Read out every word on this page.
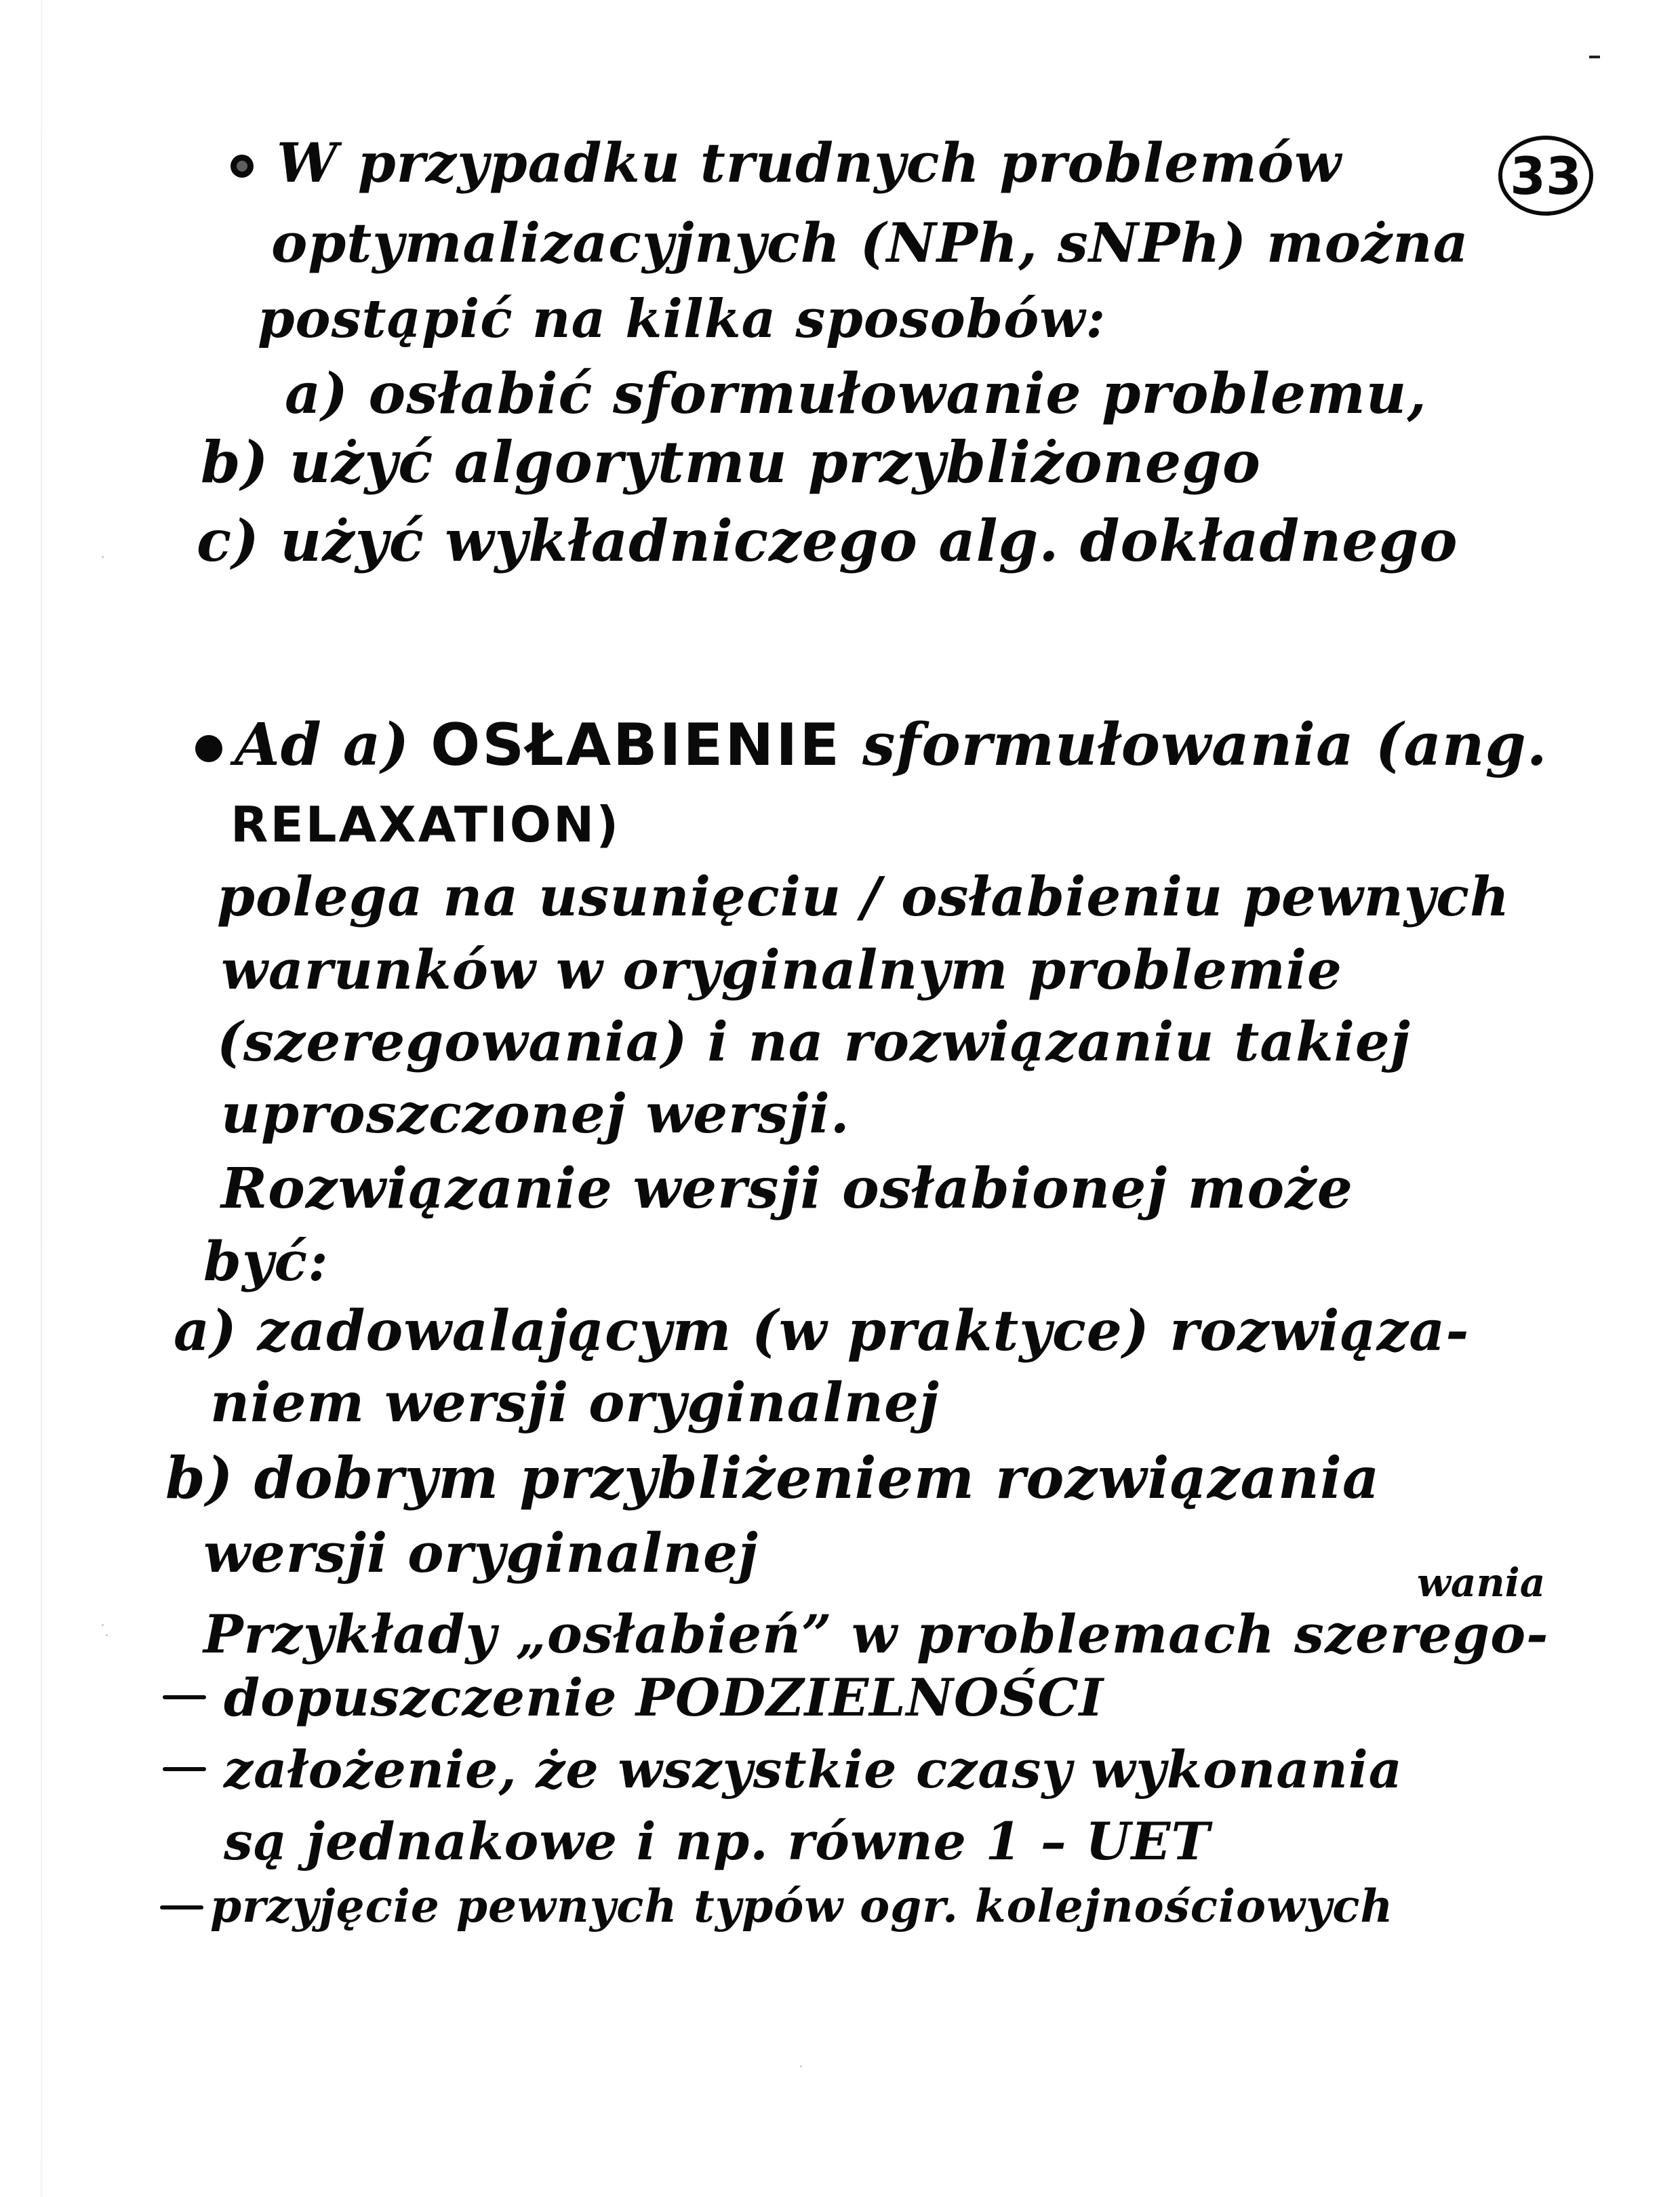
33
W przypadku trudnych problemów
optymalizacyjnych (NPh, sNPh) można
postąpić na kilka sposobów:
a) osłabić sformułowanie problemu,
b) użyć algorytmu przybliżonego
c) użyć wykładniczego alg. dokładnego
Ad a) OSŁABIENIE sformułowania (ang.
RELAXATION)
polega na usunięciu / osłabieniu pewnych
warunków w oryginalnym problemie
(szeregowania) i na rozwiązaniu takiej
uproszczonej wersji.
Rozwiązanie wersji osłabionej może
być:
a) zadowalającym (w praktyce) rozwiąza-
niem wersji oryginalnej
b) dobrym przybliżeniem rozwiązania
wersji oryginalnej	wania
Przykłady „osłabień” w problemach szerego-
dopuszczenie PODZIELNOŚCI
założenie, że wszystkie czasy wykonania
są jednakowe i np. równe 1 – UET
przyjęcie pewnych typów ogr. kolejnościowych
